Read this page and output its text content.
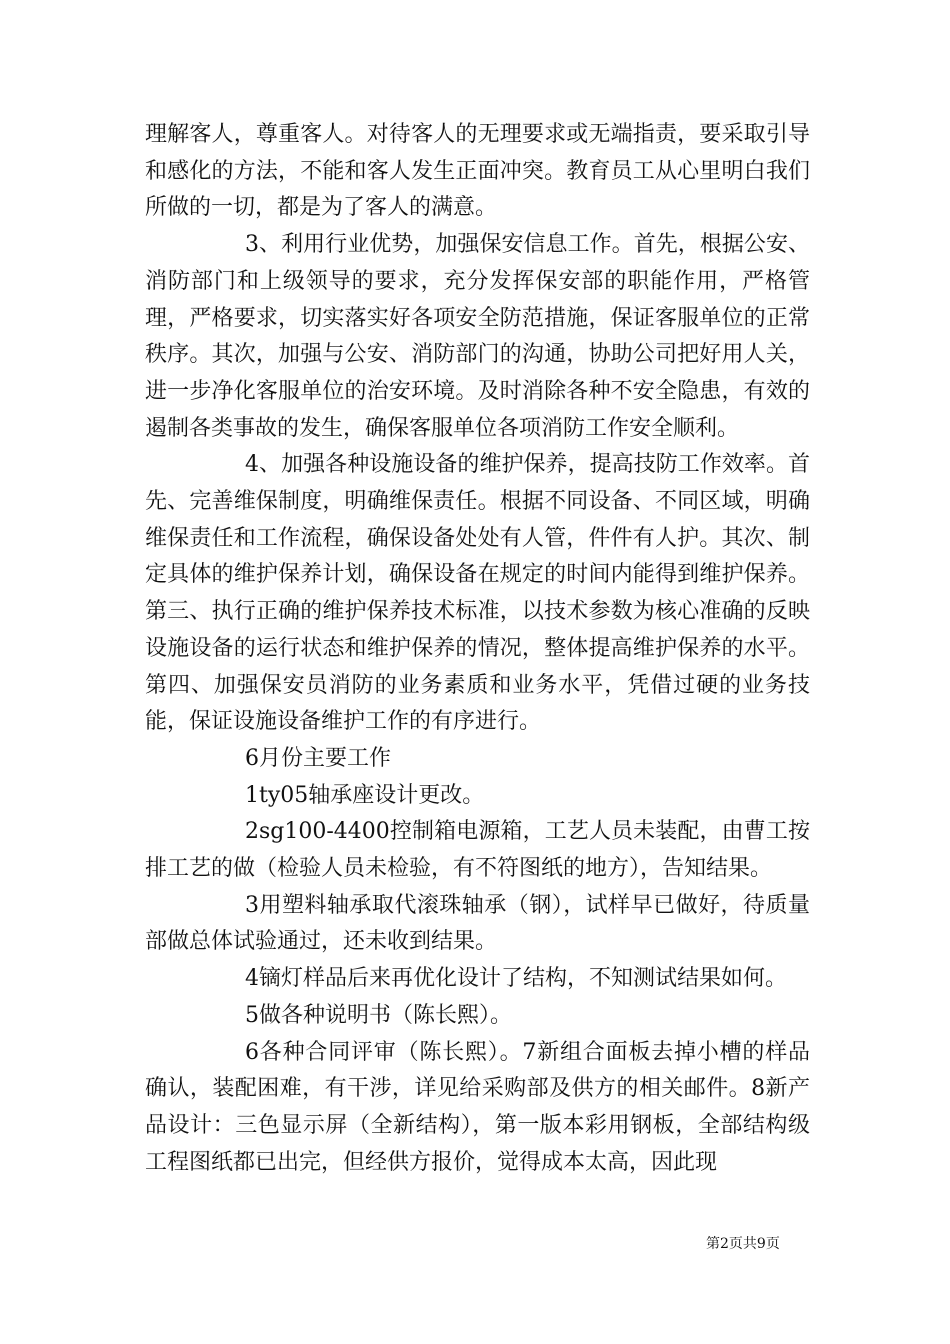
理解客人，尊重客人。对待客人的无理要求或无端指责，要采取引导和感化的方法，不能和客人发生正面冲突。教育员工从心里明白我们所做的一切，都是为了客人的满意。

3、利用行业优势，加强保安信息工作。首先，根据公安、消防部门和上级领导的要求，充分发挥保安部的职能作用，严格管理，严格要求，切实落实好各项安全防范措施，保证客服单位的正常秩序。其次，加强与公安、消防部门的沟通，协助公司把好用人关，进一步净化客服单位的治安环境。及时消除各种不安全隐患，有效的遏制各类事故的发生，确保客服单位各项消防工作安全顺利。

4、加强各种设施设备的维护保养，提高技防工作效率。首先、完善维保制度，明确维保责任。根据不同设备、不同区域，明确维保责任和工作流程，确保设备处处有人管，件件有人护。其次、制定具体的维护保养计划，确保设备在规定的时间内能得到维护保养。第三、执行正确的维护保养技术标准，以技术参数为核心准确的反映设施设备的运行状态和维护保养的情况，整体提高维护保养的水平。第四、加强保安员消防的业务素质和业务水平，凭借过硬的业务技能，保证设施设备维护工作的有序进行。

6月份主要工作

1ty05轴承座设计更改。

2sg100-4400控制箱电源箱，工艺人员未装配，由曹工按排工艺的做（检验人员未检验，有不符图纸的地方），告知结果。

3用塑料轴承取代滚珠轴承（钢），试样早已做好，待质量部做总体试验通过，还未收到结果。

4镝灯样品后来再优化设计了结构，不知测试结果如何。

5做各种说明书（陈长熙）。

6各种合同评审（陈长熙）。7新组合面板去掉小槽的样品确认，装配困难，有干涉，详见给采购部及供方的相关邮件。8新产品设计：三色显示屏（全新结构），第一版本彩用钢板，全部结构级工程图纸都已出完，但经供方报价，觉得成本太高，因此现

第2页共9页
